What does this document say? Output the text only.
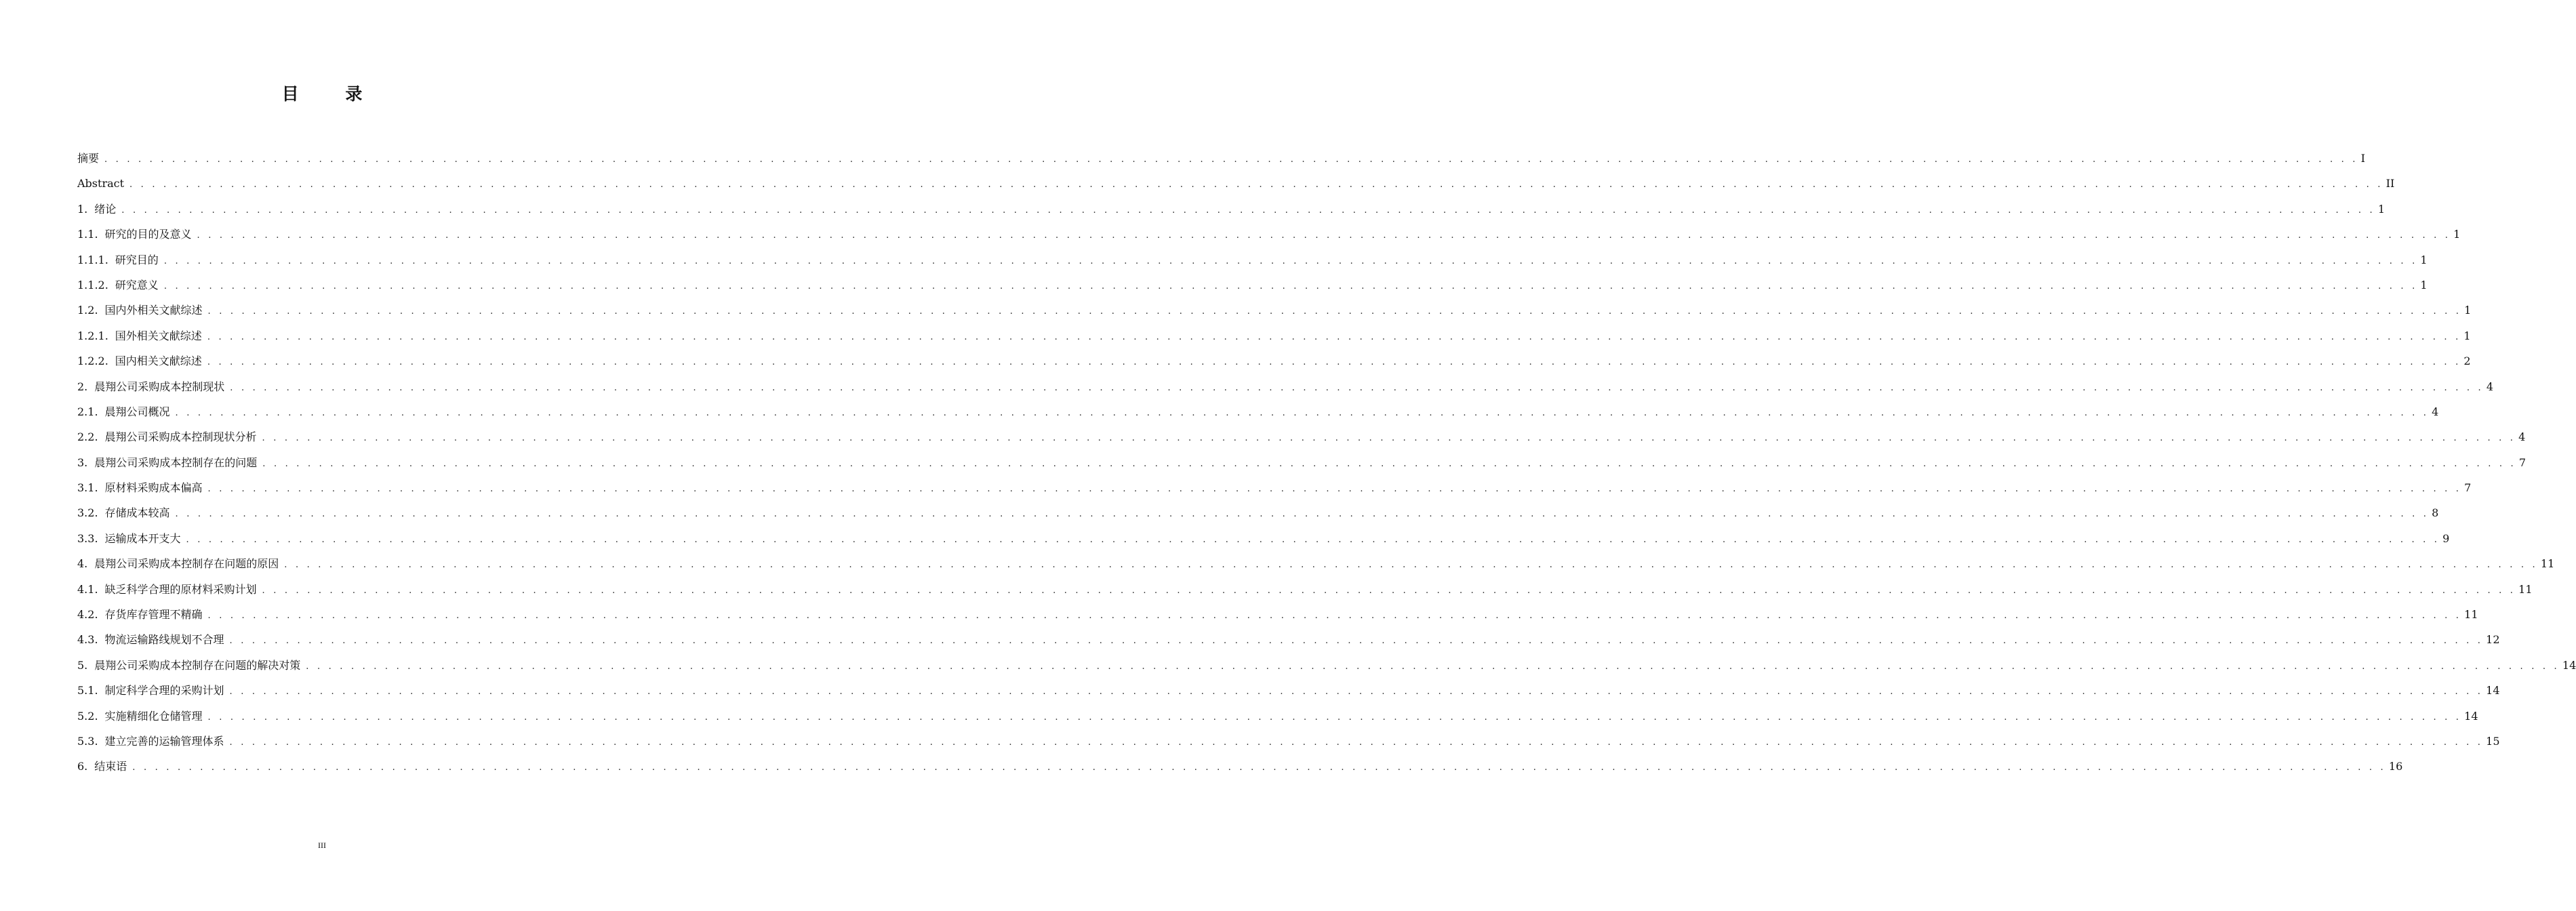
目 录
摘要 . . . . . . . . . . . . . . . . . . . . . . . . . . . . . . . . . . . . . . . . . . . . . . . . . . . . . . . . . . . . . . . . . . . . . . . . . . . . . . . . . . . . . . . . . . . . . . . . . . . . . . . . . . . . . . . . . . . . . . . . . . . . . . . . . . . . . . . . . . . . . . . . . . . . . . . . . . . . . . . . . . . . . . . . . . . . . . . . . . . . . . . . . . . . . . . . . . . . . . . . I
Abstract . . . . . . . . . . . . . . . . . . . . . . . . . . . . . . . . . . . . . . . . . . . . . . . . . . . . . . . . . . . . . . . . . . . . . . . . . . . . . . . . . . . . . . . . . . . . . . . . . . . . . . . . . . . . . . . . . . . . . . . . . . . . . . . . . . . . . . . . . . . . . . . . . . . . . . . . . . . . . . . . . . . . . . . . . . . . . . . . . . . . . . . . . . . . . . . . . . . . . . . . II
1. 绪论 . . . . . . . . . . . . . . . . . . . . . . . . . . . . . . . . . . . . . . . . . . . . . . . . . . . . . . . . . . . . . . . . . . . . . . . . . . . . . . . . . . . . . . . . . . . . . . . . . . . . . . . . . . . . . . . . . . . . . . . . . . . . . . . . . . . . . . . . . . . . . . . . . . . . . . . . . . . . . . . . . . . . . . . . . . . . . . . . . . . . . . . . . . . . . . . . . . . . . . . . 1
1.1. 研究的目的及意义 . . . . . . . . . . . . . . . . . . . . . . . . . . . . . . . . . . . . . . . . . . . . . . . . . . . . . . . . . . . . . . . . . . . . . . . . . . . . . . . . . . . . . . . . . . . . . . . . . . . . . . . . . . . . . . . . . . . . . . . . . . . . . . . . . . . . . . . . . . . . . . . . . . . . . . . . . . . . . . . . . . . . . . . . . . . . . . . . . . . . . . . . . . . . . . . . . . . . . . . . 1
1.1.1. 研究目的 . . . . . . . . . . . . . . . . . . . . . . . . . . . . . . . . . . . . . . . . . . . . . . . . . . . . . . . . . . . . . . . . . . . . . . . . . . . . . . . . . . . . . . . . . . . . . . . . . . . . . . . . . . . . . . . . . . . . . . . . . . . . . . . . . . . . . . . . . . . . . . . . . . . . . . . . . . . . . . . . . . . . . . . . . . . . . . . . . . . . . . . . . . . . . . . . . . . . . . . . 1
1.1.2. 研究意义 . . . . . . . . . . . . . . . . . . . . . . . . . . . . . . . . . . . . . . . . . . . . . . . . . . . . . . . . . . . . . . . . . . . . . . . . . . . . . . . . . . . . . . . . . . . . . . . . . . . . . . . . . . . . . . . . . . . . . . . . . . . . . . . . . . . . . . . . . . . . . . . . . . . . . . . . . . . . . . . . . . . . . . . . . . . . . . . . . . . . . . . . . . . . . . . . . . . . . . . . 1
1.2. 国内外相关文献综述 . . . . . . . . . . . . . . . . . . . . . . . . . . . . . . . . . . . . . . . . . . . . . . . . . . . . . . . . . . . . . . . . . . . . . . . . . . . . . . . . . . . . . . . . . . . . . . . . . . . . . . . . . . . . . . . . . . . . . . . . . . . . . . . . . . . . . . . . . . . . . . . . . . . . . . . . . . . . . . . . . . . . . . . . . . . . . . . . . . . . . . . . . . . . . . . . . . . . . . . . 1
1.2.1. 国外相关文献综述 . . . . . . . . . . . . . . . . . . . . . . . . . . . . . . . . . . . . . . . . . . . . . . . . . . . . . . . . . . . . . . . . . . . . . . . . . . . . . . . . . . . . . . . . . . . . . . . . . . . . . . . . . . . . . . . . . . . . . . . . . . . . . . . . . . . . . . . . . . . . . . . . . . . . . . . . . . . . . . . . . . . . . . . . . . . . . . . . . . . . . . . . . . . . . . . . . . . . . . . . 1
1.2.2. 国内相关文献综述 . . . . . . . . . . . . . . . . . . . . . . . . . . . . . . . . . . . . . . . . . . . . . . . . . . . . . . . . . . . . . . . . . . . . . . . . . . . . . . . . . . . . . . . . . . . . . . . . . . . . . . . . . . . . . . . . . . . . . . . . . . . . . . . . . . . . . . . . . . . . . . . . . . . . . . . . . . . . . . . . . . . . . . . . . . . . . . . . . . . . . . . . . . . . . . . . . . . . . . . . 2
2. 晨翔公司采购成本控制现状 . . . . . . . . . . . . . . . . . . . . . . . . . . . . . . . . . . . . . . . . . . . . . . . . . . . . . . . . . . . . . . . . . . . . . . . . . . . . . . . . . . . . . . . . . . . . . . . . . . . . . . . . . . . . . . . . . . . . . . . . . . . . . . . . . . . . . . . . . . . . . . . . . . . . . . . . . . . . . . . . . . . . . . . . . . . . . . . . . . . . . . . . . . . . . . . . . . . . . . . . 4
2.1. 晨翔公司概况 . . . . . . . . . . . . . . . . . . . . . . . . . . . . . . . . . . . . . . . . . . . . . . . . . . . . . . . . . . . . . . . . . . . . . . . . . . . . . . . . . . . . . . . . . . . . . . . . . . . . . . . . . . . . . . . . . . . . . . . . . . . . . . . . . . . . . . . . . . . . . . . . . . . . . . . . . . . . . . . . . . . . . . . . . . . . . . . . . . . . . . . . . . . . . . . . . . . . . . . . 4
2.2. 晨翔公司采购成本控制现状分析 . . . . . . . . . . . . . . . . . . . . . . . . . . . . . . . . . . . . . . . . . . . . . . . . . . . . . . . . . . . . . . . . . . . . . . . . . . . . . . . . . . . . . . . . . . . . . . . . . . . . . . . . . . . . . . . . . . . . . . . . . . . . . . . . . . . . . . . . . . . . . . . . . . . . . . . . . . . . . . . . . . . . . . . . . . . . . . . . . . . . . . . . . . . . . . . . . . . . . . . . 4
3. 晨翔公司采购成本控制存在的问题 . . . . . . . . . . . . . . . . . . . . . . . . . . . . . . . . . . . . . . . . . . . . . . . . . . . . . . . . . . . . . . . . . . . . . . . . . . . . . . . . . . . . . . . . . . . . . . . . . . . . . . . . . . . . . . . . . . . . . . . . . . . . . . . . . . . . . . . . . . . . . . . . . . . . . . . . . . . . . . . . . . . . . . . . . . . . . . . . . . . . . . . . . . . . . . . . . . . . . . . . 7
3.1. 原材料采购成本偏高 . . . . . . . . . . . . . . . . . . . . . . . . . . . . . . . . . . . . . . . . . . . . . . . . . . . . . . . . . . . . . . . . . . . . . . . . . . . . . . . . . . . . . . . . . . . . . . . . . . . . . . . . . . . . . . . . . . . . . . . . . . . . . . . . . . . . . . . . . . . . . . . . . . . . . . . . . . . . . . . . . . . . . . . . . . . . . . . . . . . . . . . . . . . . . . . . . . . . . . . . 7
3.2. 存储成本较高 . . . . . . . . . . . . . . . . . . . . . . . . . . . . . . . . . . . . . . . . . . . . . . . . . . . . . . . . . . . . . . . . . . . . . . . . . . . . . . . . . . . . . . . . . . . . . . . . . . . . . . . . . . . . . . . . . . . . . . . . . . . . . . . . . . . . . . . . . . . . . . . . . . . . . . . . . . . . . . . . . . . . . . . . . . . . . . . . . . . . . . . . . . . . . . . . . . . . . . . . 8
3.3. 运输成本开支大 . . . . . . . . . . . . . . . . . . . . . . . . . . . . . . . . . . . . . . . . . . . . . . . . . . . . . . . . . . . . . . . . . . . . . . . . . . . . . . . . . . . . . . . . . . . . . . . . . . . . . . . . . . . . . . . . . . . . . . . . . . . . . . . . . . . . . . . . . . . . . . . . . . . . . . . . . . . . . . . . . . . . . . . . . . . . . . . . . . . . . . . . . . . . . . . . . . . . . . . . 9
4. 晨翔公司采购成本控制存在问题的原因 . . . . . . . . . . . . . . . . . . . . . . . . . . . . . . . . . . . . . . . . . . . . . . . . . . . . . . . . . . . . . . . . . . . . . . . . . . . . . . . . . . . . . . . . . . . . . . . . . . . . . . . . . . . . . . . . . . . . . . . . . . . . . . . . . . . . . . . . . . . . . . . . . . . . . . . . . . . . . . . . . . . . . . . . . . . . . . . . . . . . . . . . . . . . . . . . . . . . . . . . 11
4.1. 缺乏科学合理的原材料采购计划 . . . . . . . . . . . . . . . . . . . . . . . . . . . . . . . . . . . . . . . . . . . . . . . . . . . . . . . . . . . . . . . . . . . . . . . . . . . . . . . . . . . . . . . . . . . . . . . . . . . . . . . . . . . . . . . . . . . . . . . . . . . . . . . . . . . . . . . . . . . . . . . . . . . . . . . . . . . . . . . . . . . . . . . . . . . . . . . . . . . . . . . . . . . . . . . . . . . . . . . . 11
4.2. 存货库存管理不精确 . . . . . . . . . . . . . . . . . . . . . . . . . . . . . . . . . . . . . . . . . . . . . . . . . . . . . . . . . . . . . . . . . . . . . . . . . . . . . . . . . . . . . . . . . . . . . . . . . . . . . . . . . . . . . . . . . . . . . . . . . . . . . . . . . . . . . . . . . . . . . . . . . . . . . . . . . . . . . . . . . . . . . . . . . . . . . . . . . . . . . . . . . . . . . . . . . . . . . . . . 11
4.3. 物流运输路线规划不合理 . . . . . . . . . . . . . . . . . . . . . . . . . . . . . . . . . . . . . . . . . . . . . . . . . . . . . . . . . . . . . . . . . . . . . . . . . . . . . . . . . . . . . . . . . . . . . . . . . . . . . . . . . . . . . . . . . . . . . . . . . . . . . . . . . . . . . . . . . . . . . . . . . . . . . . . . . . . . . . . . . . . . . . . . . . . . . . . . . . . . . . . . . . . . . . . . . . . . . . . . 12
5. 晨翔公司采购成本控制存在问题的解决对策 . . . . . . . . . . . . . . . . . . . . . . . . . . . . . . . . . . . . . . . . . . . . . . . . . . . . . . . . . . . . . . . . . . . . . . . . . . . . . . . . . . . . . . . . . . . . . . . . . . . . . . . . . . . . . . . . . . . . . . . . . . . . . . . . . . . . . . . . . . . . . . . . . . . . . . . . . . . . . . . . . . . . . . . . . . . . . . . . . . . . . . . . . . . . . . . . . . . . . . . . 14
5.1. 制定科学合理的采购计划 . . . . . . . . . . . . . . . . . . . . . . . . . . . . . . . . . . . . . . . . . . . . . . . . . . . . . . . . . . . . . . . . . . . . . . . . . . . . . . . . . . . . . . . . . . . . . . . . . . . . . . . . . . . . . . . . . . . . . . . . . . . . . . . . . . . . . . . . . . . . . . . . . . . . . . . . . . . . . . . . . . . . . . . . . . . . . . . . . . . . . . . . . . . . . . . . . . . . . . . . 14
5.2. 实施精细化仓储管理 . . . . . . . . . . . . . . . . . . . . . . . . . . . . . . . . . . . . . . . . . . . . . . . . . . . . . . . . . . . . . . . . . . . . . . . . . . . . . . . . . . . . . . . . . . . . . . . . . . . . . . . . . . . . . . . . . . . . . . . . . . . . . . . . . . . . . . . . . . . . . . . . . . . . . . . . . . . . . . . . . . . . . . . . . . . . . . . . . . . . . . . . . . . . . . . . . . . . . . . . 14
5.3. 建立完善的运输管理体系 . . . . . . . . . . . . . . . . . . . . . . . . . . . . . . . . . . . . . . . . . . . . . . . . . . . . . . . . . . . . . . . . . . . . . . . . . . . . . . . . . . . . . . . . . . . . . . . . . . . . . . . . . . . . . . . . . . . . . . . . . . . . . . . . . . . . . . . . . . . . . . . . . . . . . . . . . . . . . . . . . . . . . . . . . . . . . . . . . . . . . . . . . . . . . . . . . . . . . . . . 15
6. 结束语 . . . . . . . . . . . . . . . . . . . . . . . . . . . . . . . . . . . . . . . . . . . . . . . . . . . . . . . . . . . . . . . . . . . . . . . . . . . . . . . . . . . . . . . . . . . . . . . . . . . . . . . . . . . . . . . . . . . . . . . . . . . . . . . . . . . . . . . . . . . . . . . . . . . . . . . . . . . . . . . . . . . . . . . . . . . . . . . . . . . . . . . . . . . . . . . . . . . . . . . . 16
III
